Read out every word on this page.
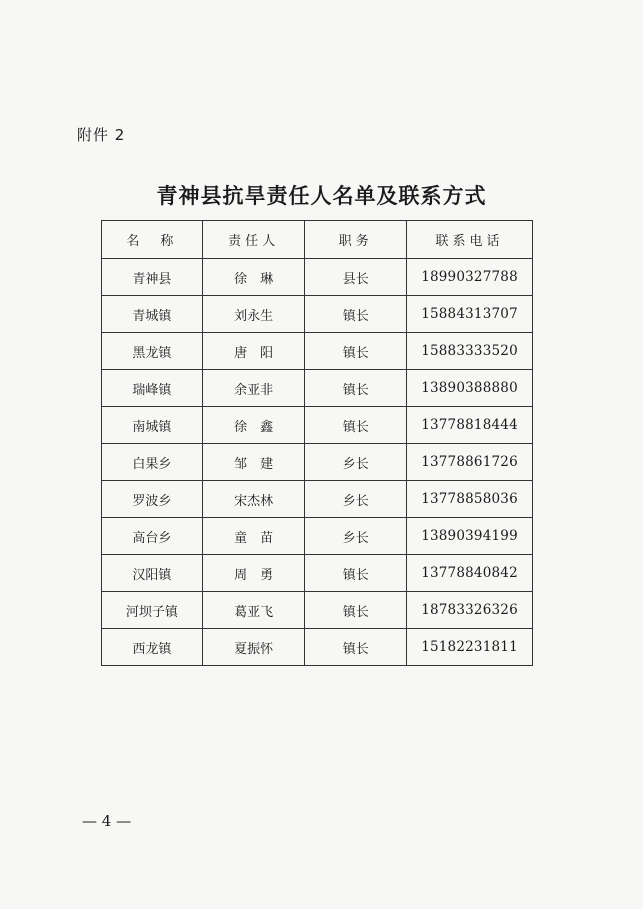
附件 2
青神县抗旱责任人名单及联系方式
名　称	责任人	职务	联系电话
青神县	徐　琳	县长	18990327788
青城镇	刘永生	镇长	15884313707
黑龙镇	唐　阳	镇长	15883333520
瑞峰镇	余亚非	镇长	13890388880
南城镇	徐　鑫	镇长	13778818444
白果乡	邹　建	乡长	13778861726
罗波乡	宋杰林	乡长	13778858036
高台乡	童　苗	乡长	13890394199
汉阳镇	周　勇	镇长	13778840842
河坝子镇	葛亚飞	镇长	18783326326
西龙镇	夏振怀	镇长	15182231811
— 4 —
